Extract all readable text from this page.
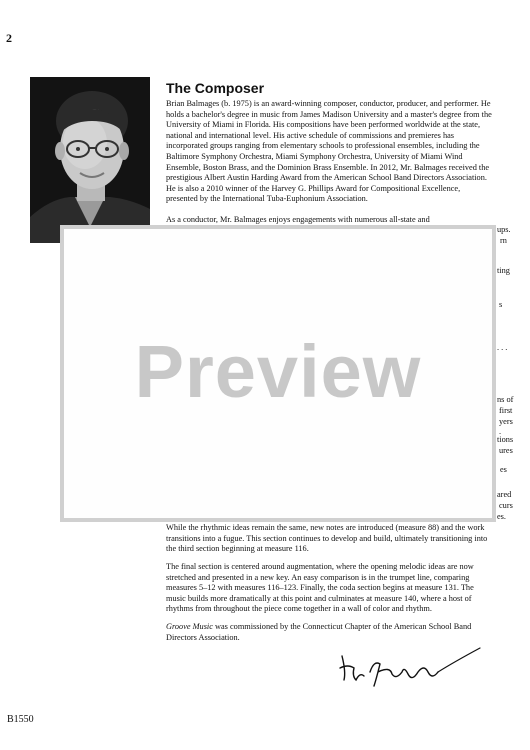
2
The Composer

Brian Balmages (b. 1975) is an award-winning composer, conductor, producer, and performer. He holds a bachelor's degree in music from James Madison University and a master's degree from the University of Miami in Florida. His compositions have been performed worldwide at the state, national and international level. His active schedule of commissions and premieres has incorporated groups ranging from elementary schools to professional ensembles, including the Baltimore Symphony Orchestra, Miami Symphony Orchestra, University of Miami Wind Ensemble, Boston Brass, and the Dominion Brass Ensemble. In 2012, Mr. Balmages received the prestigious Albert Austin Harding Award from the American School Band Directors Association. He is also a 2010 winner of the Harvey G. Phillips Award for Compositional Excellence, presented by the International Tuba-Euphonium Association.

As a conductor, Mr. Balmages enjoys engagements with numerous all-state and

ups.
rn
ting
s
. . .
ns of
first
yers
.
tions
ures
es
ared
curs
es.
Preview

While the rhythmic ideas remain the same, new notes are introduced (measure 88) and the work transitions into a fugue. This section continues to develop and build, ultimately transitioning into the third section beginning at measure 116.

The final section is centered around augmentation, where the opening melodic ideas are now stretched and presented in a new key. An easy comparison is in the trumpet line, comparing measures 5–12 with measures 116–123. Finally, the coda section begins at measure 131. The music builds more dramatically at this point and culminates at measure 140, where a host of rhythms from throughout the piece come together in a wall of color and rhythm.

Groove Music was commissioned by the Connecticut Chapter of the American School Band Directors Association.

B1550
